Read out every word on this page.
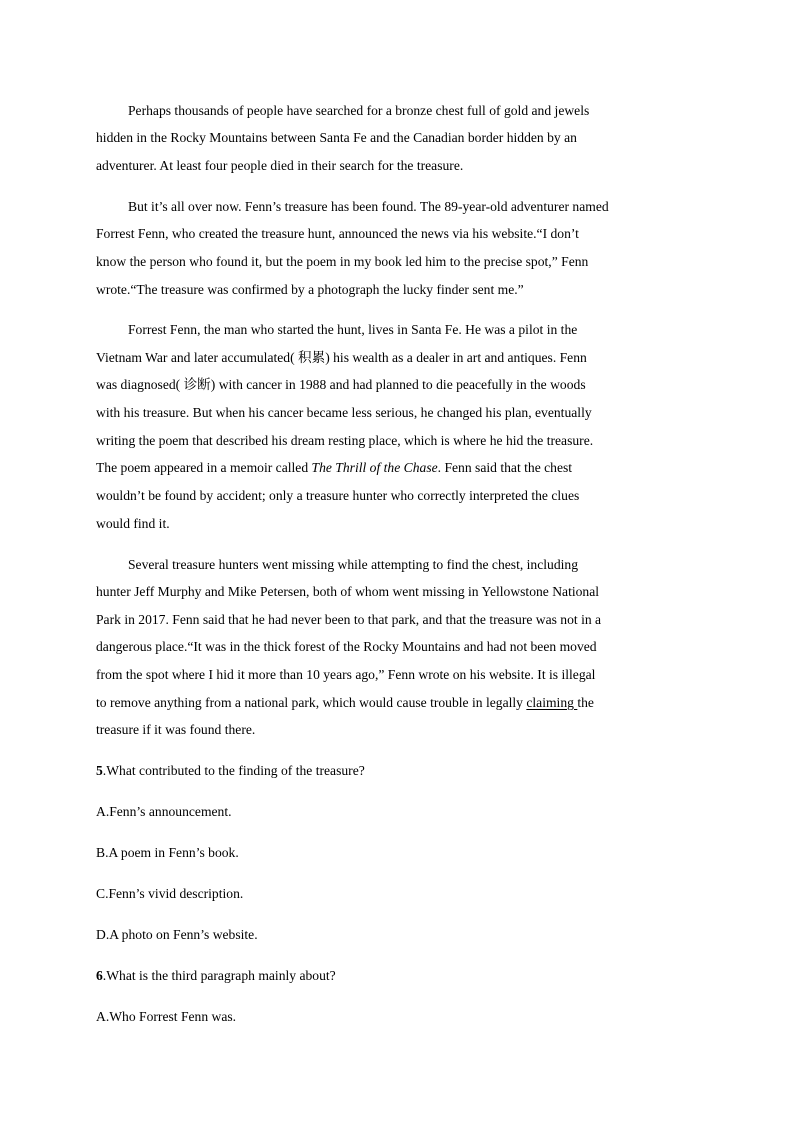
Perhaps thousands of people have searched for a bronze chest full of gold and jewels
hidden in the Rocky Mountains between Santa Fe and the Canadian border hidden by an
adventurer. At least four people died in their search for the treasure.
But it’s all over now. Fenn’s treasure has been found. The 89-year-old adventurer named
Forrest Fenn, who created the treasure hunt, announced the news via his website.“I don’t
know the person who found it, but the poem in my book led him to the precise spot,” Fenn
wrote.“The treasure was confirmed by a photograph the lucky finder sent me.”
Forrest Fenn, the man who started the hunt, lives in Santa Fe. He was a pilot in the
Vietnam War and later accumulated( 积累) his wealth as a dealer in art and antiques. Fenn
was diagnosed( 诊断) with cancer in 1988 and had planned to die peacefully in the woods
with his treasure. But when his cancer became less serious, he changed his plan, eventually
writing the poem that described his dream resting place, which is where he hid the treasure.
The poem appeared in a memoir called The Thrill of the Chase. Fenn said that the chest
wouldn’t be found by accident; only a treasure hunter who correctly interpreted the clues
would find it.
Several treasure hunters went missing while attempting to find the chest, including
hunter Jeff Murphy and Mike Petersen, both of whom went missing in Yellowstone National
Park in 2017. Fenn said that he had never been to that park, and that the treasure was not in a
dangerous place.“It was in the thick forest of the Rocky Mountains and had not been moved
from the spot where I hid it more than 10 years ago,” Fenn wrote on his website. It is illegal
to remove anything from a national park, which would cause trouble in legally claiming the
treasure if it was found there.
5.What contributed to the finding of the treasure?
A.Fenn’s announcement.
B.A poem in Fenn’s book.
C.Fenn’s vivid description.
D.A photo on Fenn’s website.
6.What is the third paragraph mainly about?
A.Who Forrest Fenn was.
